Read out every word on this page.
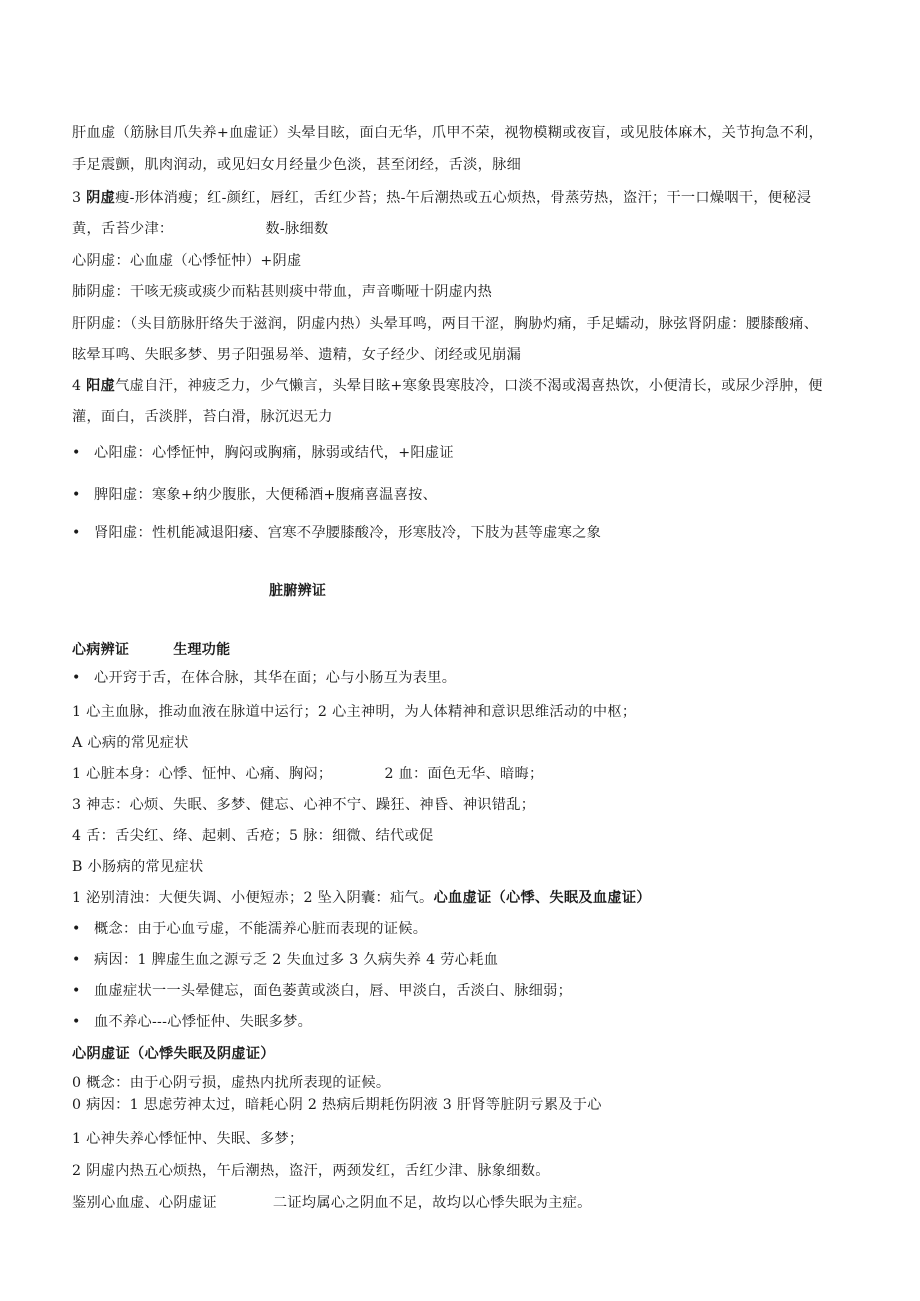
肝血虚（筋脉目爪失养+血虚证）头晕目眩，面白无华，爪甲不荣，视物模糊或夜盲，或见肢体麻木，关节拘急不利，
手足震颤，肌肉润动，或见妇女月经量少色淡，甚至闭经，舌淡，脉细
3 阴虚瘦-形体消瘦；红-颜红，唇红，舌红少苔；热-午后潮热或五心烦热，骨蒸劳热，盗汗；干一口燥咽干，便秘浸
黄，舌苔少津：	数-脉细数
心阴虚：心血虚（心悸怔忡）+阴虚
肺阴虚：干咳无痰或痰少而粘甚则痰中带血，声音嘶哑十阴虚内热
肝阴虚：（头目筋脉肝络失于滋润，阴虚内热）头晕耳鸣，两目干涩，胸胁灼痛，手足蠕动，脉弦肾阴虚：腰膝酸痛、
眩晕耳鸣、失眠多梦、男子阳强易举、遗精，女子经少、闭经或见崩漏
4 阳虚气虚自汗，神疲乏力，少气懒言，头晕目眩+寒象畏寒肢冷，口淡不渴或渴喜热饮，小便清长，或尿少浮肿，便
灌，面白，舌淡胖，苔白滑，脉沉迟无力
• 心阳虚：心悸怔忡，胸闷或胸痛，脉弱或结代，+阳虚证
• 脾阳虚：寒象+纳少腹胀，大便稀酒+腹痛喜温喜按、
• 肾阳虚：性机能减退阳痿、宫寒不孕腰膝酸冷，形寒肢冷，下肢为甚等虚寒之象
脏腑辨证
心病辨证	生理功能
• 心开窍于舌，在体合脉，其华在面；心与小肠互为表里。
1 心主血脉，推动血液在脉道中运行；2 心主神明，为人体精神和意识思维活动的中枢；
A 心病的常见症状
1 心脏本身：心悸、怔忡、心痛、胸闷；	2 血：面色无华、暗晦；
3 神志：心烦、失眠、多梦、健忘、心神不宁、躁狂、神昏、神识错乱；
4 舌：舌尖红、绛、起刺、舌疮；5 脉：细微、结代或促
B 小肠病的常见症状
1 泌别清浊：大便失调、小便短赤；2 坠入阴囊：疝气。心血虚证（心悸、失眠及血虚证）
• 概念：由于心血亏虚，不能濡养心脏而表现的证候。
• 病因：1 脾虚生血之源亏乏 2 失血过多 3 久病失养 4 劳心耗血
• 血虚症状一一头晕健忘，面色萎黄或淡白，唇、甲淡白，舌淡白、脉细弱；
• 血不养心---心悸怔仲、失眠多梦。
心阴虚证（心悸失眠及阴虚证）
0 概念：由于心阴亏损，虚热内扰所表现的证候。
0 病因：1 思虑劳神太过，暗耗心阴 2 热病后期耗伤阴液 3 肝肾等脏阴亏累及于心
1 心神失养心悸怔忡、失眠、多梦；
2 阴虚内热五心烦热，午后潮热，盗汗，两颈发红，舌红少津、脉象细数。
鉴别心血虚、心阴虚证	二证均属心之阴血不足，故均以心悸失眠为主症。
